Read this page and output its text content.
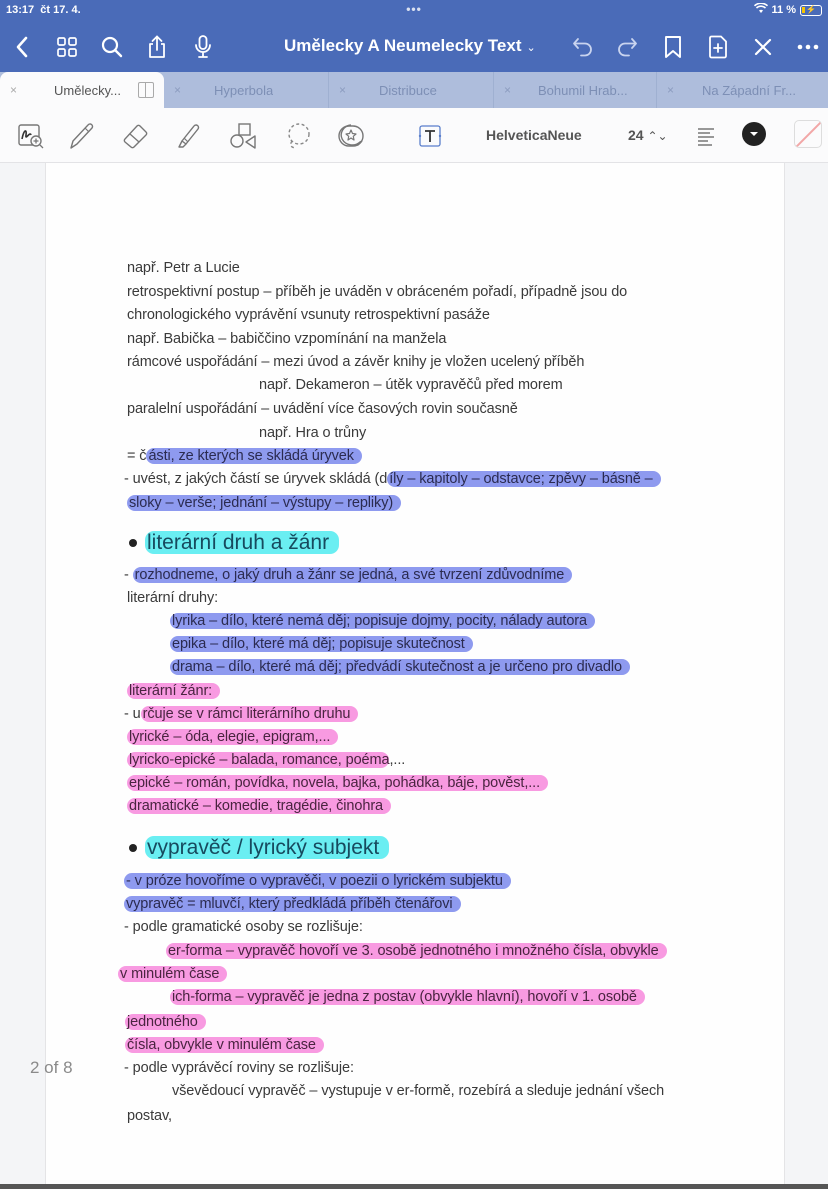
13:17 čt 17. 4.	•••	11 %	⚡
Umělecky A Neumelecky Text ⌄
×	Umělecky...	×	Hyperbola	×	Distribuce	× Bohumil Hrab...	× Na Západní Fr...
HelveticaNeue	24 ⌃⌄
např. Petr a Lucie
retrospektivní postup – příběh je uváděn v obráceném pořadí, případně jsou do
chronologického vyprávění vsunuty retrospektivní pasáže
např. Babička – babiččino vzpomínání na manžela
rámcové uspořádání – mezi úvod a závěr knihy je vložen ucelený příběh
např. Dekameron – útěk vypravěčů před morem
paralelní uspořádání – uvádění více časových rovin současně
např. Hra o trůny
= č ásti, ze kterých se skládá úryvek
- uvést, z jakých částí se úryvek skládá (d íly – kapitoly – odstavce; zpěvy – básně –
sloky – verše; jednání – výstupy – repliky)
literární druh a žánr
- rozhodneme, o jaký druh a žánr se jedná, a své tvrzení zdůvodníme
literární druhy:
lyrika – dílo, které nemá děj; popisuje dojmy, pocity, nálady autora
epika – dílo, které má děj; popisuje skutečnost
drama – dílo, které má děj; předvádí skutečnost a je určeno pro divadlo
literární žánr:
- u rčuje se v rámci literárního druhu
lyrické – óda, elegie, epigram,...
lyricko-epické – balada, romance, poéma,...
epické – román, povídka, novela, bajka, pohádka, báje, pověst,...
dramatické – komedie, tragédie, činohra
vypravěč / lyrický subjekt
- v próze hovoříme o vypravěči, v poezii o lyrickém subjektu
vypravěč = mluvčí, který předkládá příběh čtenářovi
- podle gramatické osoby se rozlišuje:
er-forma – vypravěč hovoří ve 3. osobě jednotného i množného čísla, obvykle
v minulém čase
ich-forma – vypravěč je jedna z postav (obvykle hlavní), hovoří v 1. osobě
jednotného
čísla, obvykle v minulém čase
- podle vyprávěcí roviny se rozlišuje:
vševědoucí vypravěč – vystupuje v er-formě, rozebírá a sleduje jednání všech
postav,
2 of 8
